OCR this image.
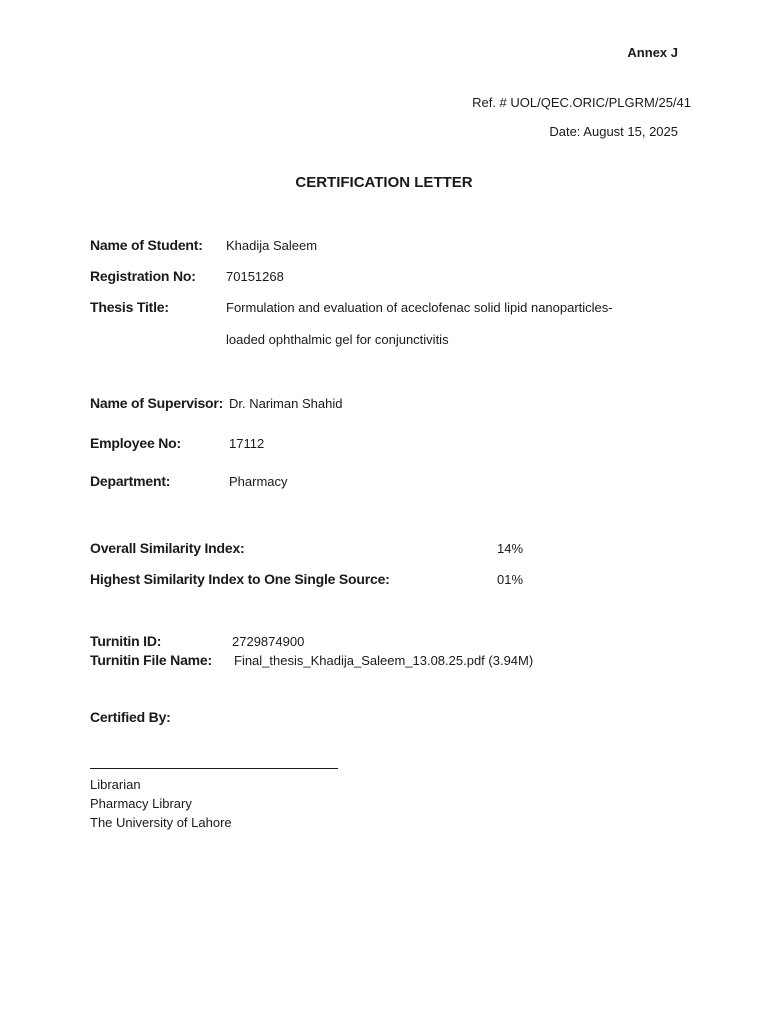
Annex J
Ref. # UOL/QEC.ORIC/PLGRM/25/41
Date: August 15, 2025
CERTIFICATION LETTER
Name of Student: Khadija Saleem
Registration No: 70151268
Thesis Title:	Formulation and evaluation of aceclofenac solid lipid nanoparticles-
loaded ophthalmic gel for conjunctivitis
Name of Supervisor: Dr. Nariman Shahid
Employee No:	17112
Department:	Pharmacy
Overall Similarity Index:	14%
Highest Similarity Index to One Single Source:	01%
Turnitin ID:	2729874900
Turnitin File Name: Final_thesis_Khadija_Saleem_13.08.25.pdf (3.94M)
Certified By:
Librarian
Pharmacy Library
The University of Lahore
